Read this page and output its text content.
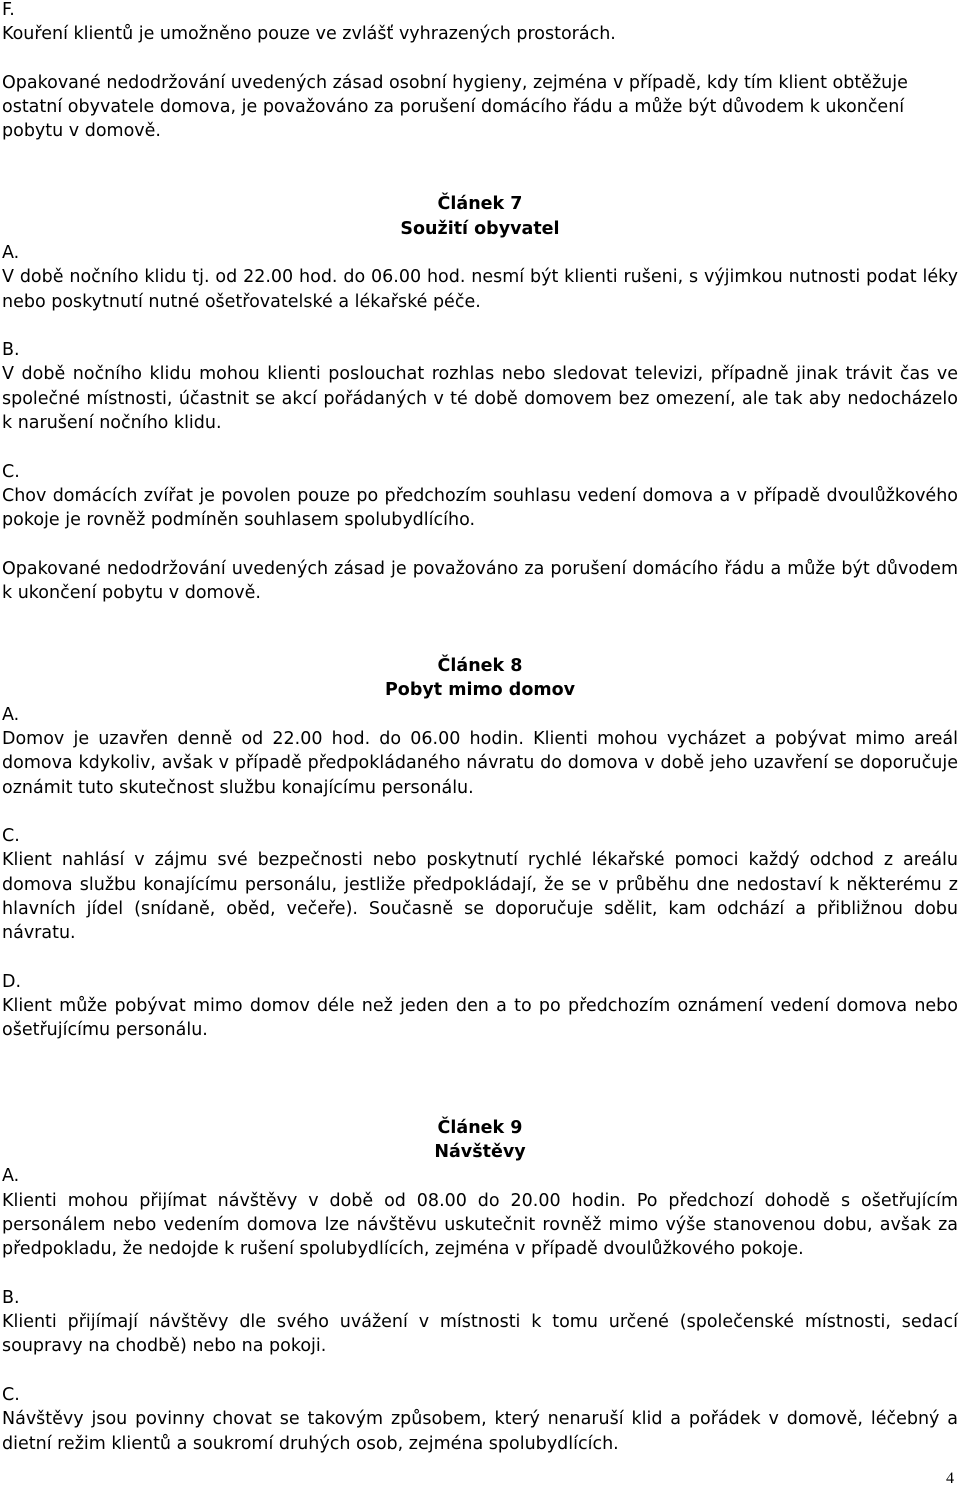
F.
Kouření klientů je umožněno pouze ve zvlášť vyhrazených prostorách.
Opakované nedodržování uvedených zásad osobní hygieny, zejména v případě, kdy tím klient obtěžuje
ostatní obyvatele domova, je považováno za porušení domácího řádu a může být důvodem k ukončení
pobytu v domově.
Článek 7
Soužití obyvatel
A.
V době nočního klidu tj. od 22.00 hod. do 06.00 hod. nesmí být klienti rušeni, s výjimkou nutnosti podat léky nebo poskytnutí nutné ošetřovatelské a lékařské péče.
B.
V době nočního klidu mohou klienti poslouchat rozhlas nebo sledovat televizi, případně jinak trávit čas ve společné místnosti, účastnit se akcí pořádaných v té době domovem bez omezení, ale tak aby nedocházelo k narušení nočního klidu.
C.
Chov domácích zvířat je povolen pouze po předchozím souhlasu vedení domova a v případě dvoulůžkového pokoje je rovněž podmíněn souhlasem spolubydlícího.
Opakované nedodržování uvedených zásad je považováno za porušení domácího řádu a může být důvodem k ukončení pobytu v domově.
Článek 8
Pobyt mimo domov
A.
Domov je uzavřen denně od 22.00 hod. do 06.00 hodin. Klienti mohou vycházet a pobývat mimo areál domova kdykoliv, avšak v případě předpokládaného návratu do domova v době jeho uzavření se doporučuje oznámit tuto skutečnost službu konajícímu personálu.
C.
Klient nahlásí v zájmu své bezpečnosti nebo poskytnutí rychlé lékařské pomoci každý odchod z areálu domova službu konajícímu personálu, jestliže předpokládají, že se v průběhu dne nedostaví k některému z hlavních jídel (snídaně, oběd, večeře). Současně se doporučuje sdělit, kam odchází a přibližnou dobu návratu.
D.
Klient může pobývat mimo domov déle než jeden den a to po předchozím oznámení vedení domova nebo ošetřujícímu personálu.
Článek 9
Návštěvy
A.
Klienti mohou přijímat návštěvy v době od 08.00 do 20.00 hodin. Po předchozí dohodě s ošetřujícím personálem nebo vedením domova lze návštěvu uskutečnit rovněž mimo výše stanovenou dobu, avšak za předpokladu, že nedojde k rušení spolubydlících, zejména v případě dvoulůžkového pokoje.
B.
Klienti přijímají návštěvy dle svého uvážení v místnosti k tomu určené (společenské místnosti, sedací soupravy na chodbě) nebo na pokoji.
C.
Návštěvy jsou povinny chovat se takovým způsobem, který nenaruší klid a pořádek v domově, léčebný a dietní režim klientů a soukromí druhých osob, zejména spolubydlících.
4
